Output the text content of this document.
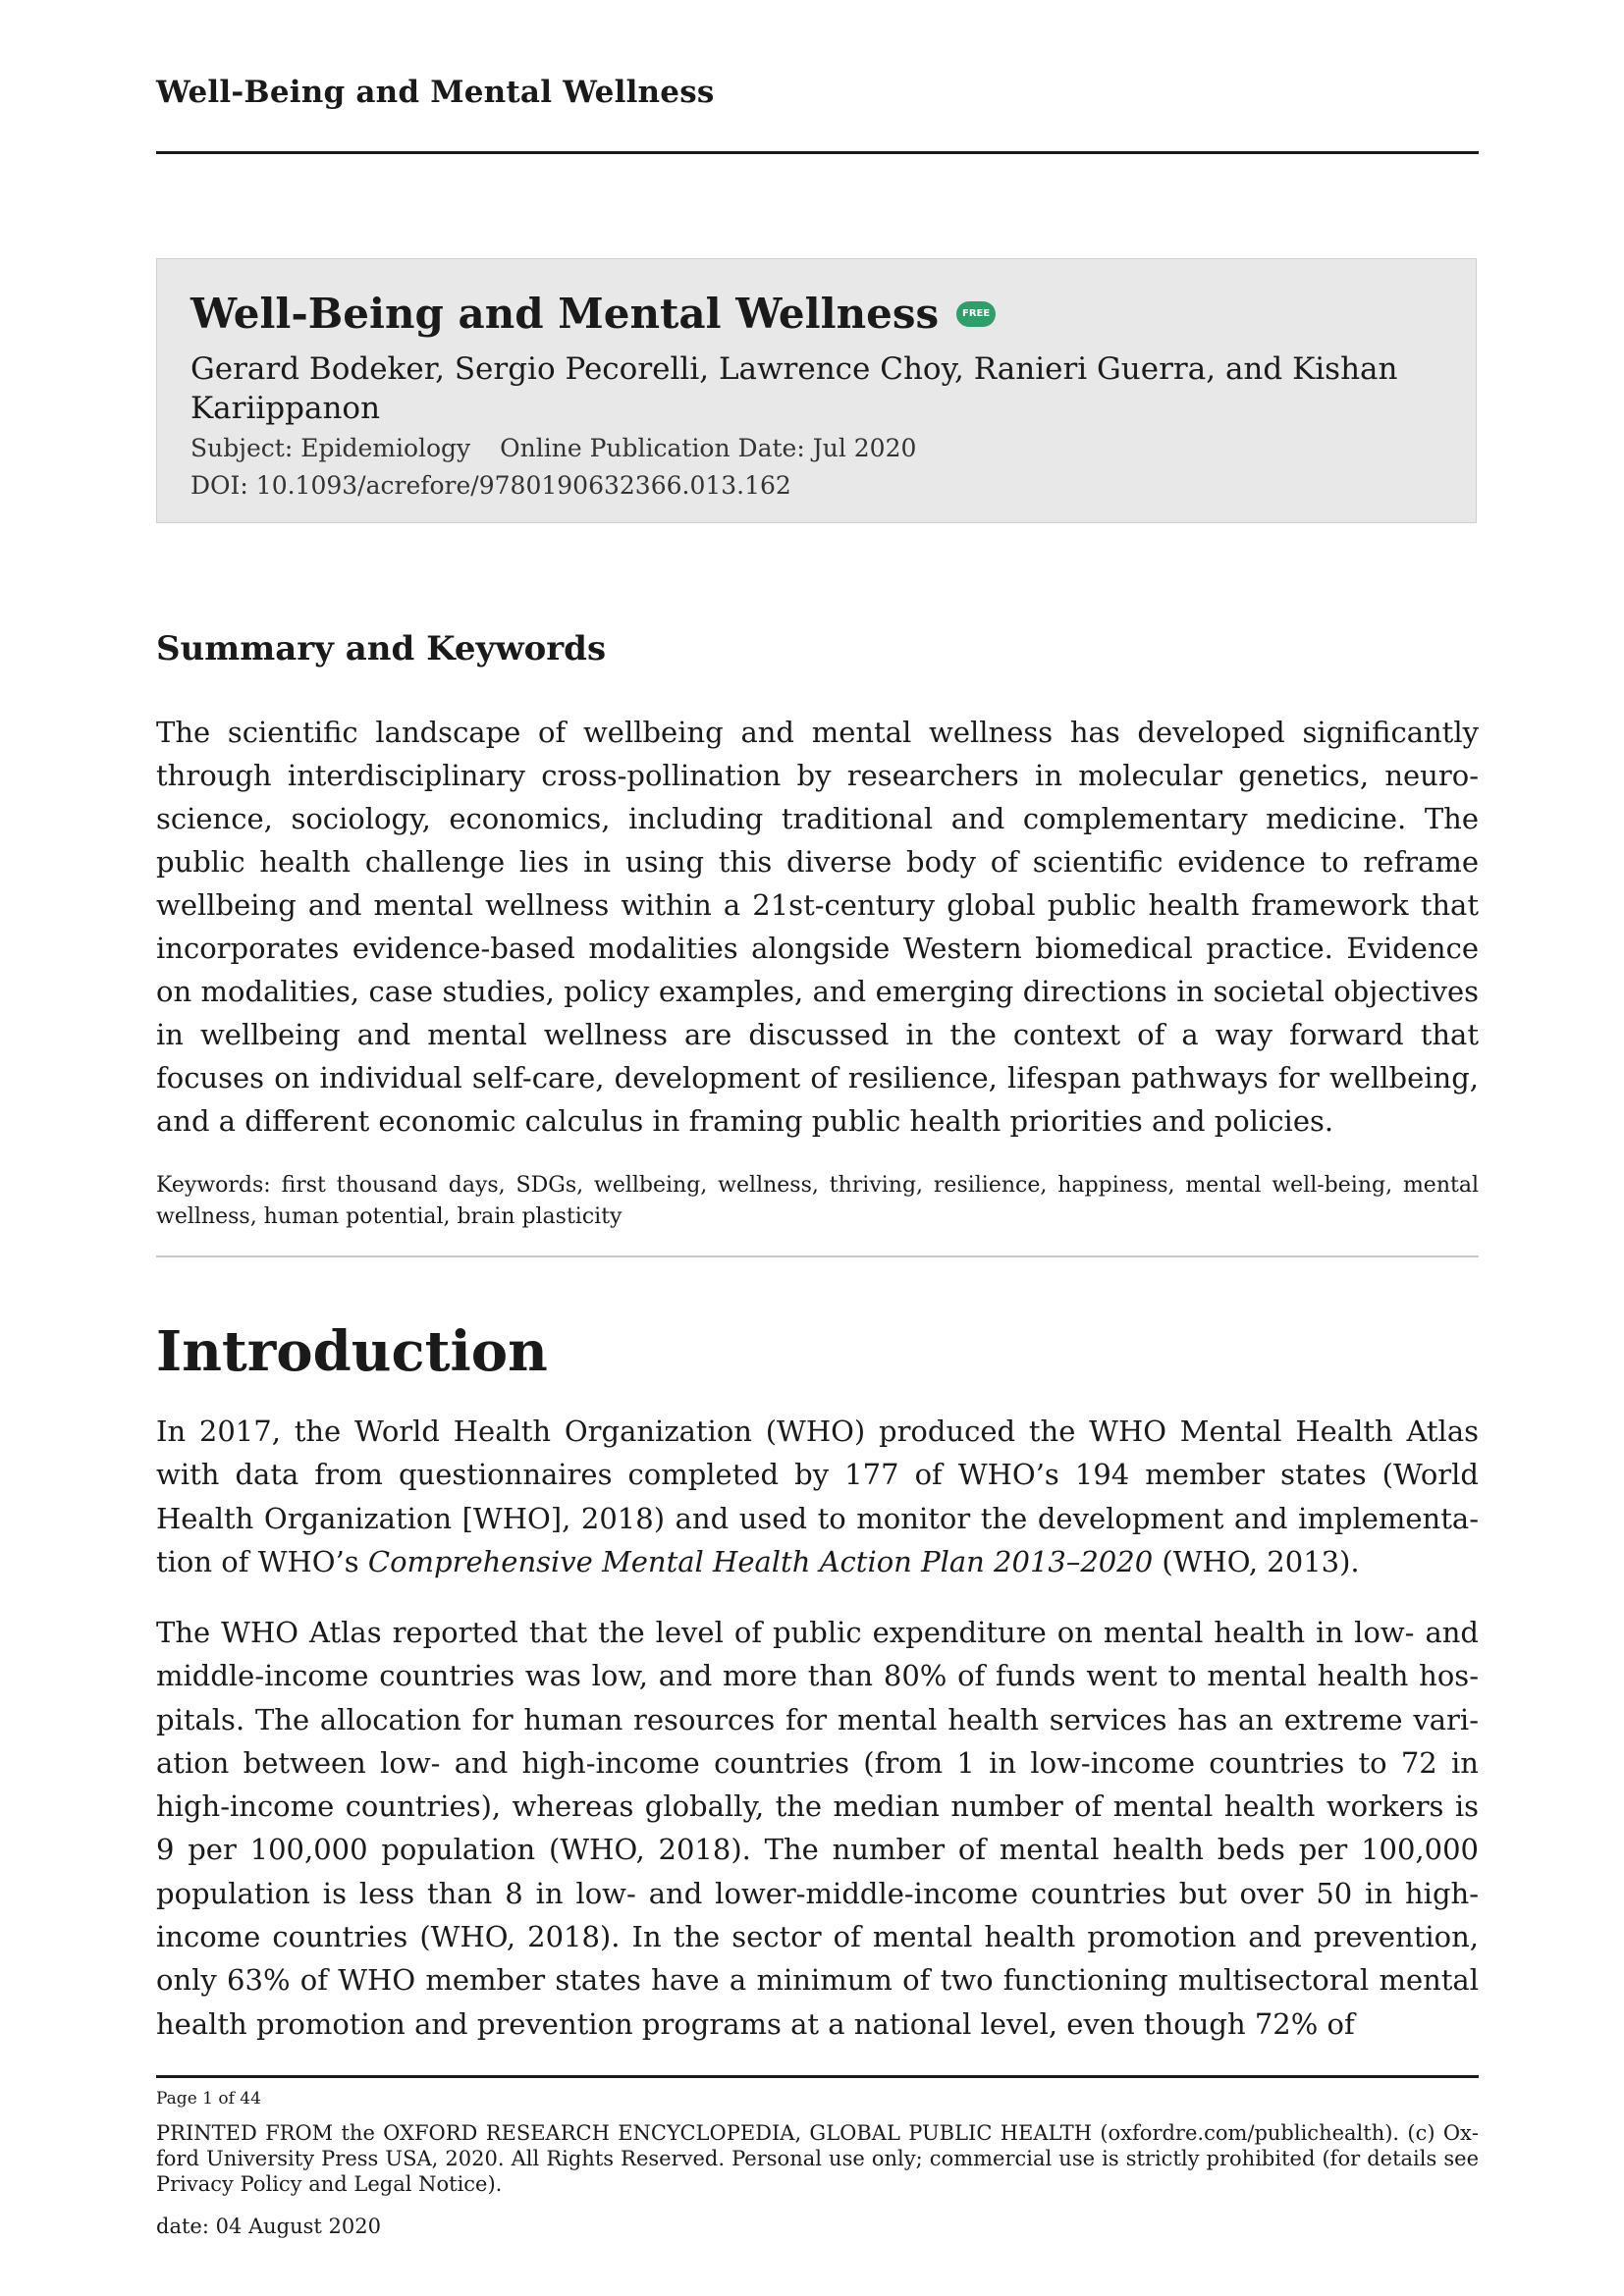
Well-Being and Mental Wellness
Well-Being and Mental Wellness	FREE
Gerard Bodeker, Sergio Pecorelli, Lawrence Choy, Ranieri Guerra, and Kishan Kariippanon
Subject: Epidemiology Online Publication Date: Jul 2020
DOI: 10.1093/acrefore/9780190632366.013.162
Summary and Keywords

The scientific landscape of wellbeing and mental wellness has developed significantly through interdisciplinary cross-pollination by researchers in molecular genetics, neuroscience, sociology, economics, including traditional and complementary medicine. The public health challenge lies in using this diverse body of scientific evidence to reframe wellbeing and mental wellness within a 21st-century global public health framework that incorporates evidence-based modalities alongside Western biomedical practice. Evidence on modalities, case studies, policy examples, and emerging directions in societal objectives in wellbeing and mental wellness are discussed in the context of a way forward that focuses on individual self-care, development of resilience, lifespan pathways for wellbeing, and a different economic calculus in framing public health priorities and policies.

Keywords: first thousand days, SDGs, wellbeing, wellness, thriving, resilience, happiness, mental well-being, mental wellness, human potential, brain plasticity

Introduction

In 2017, the World Health Organization (WHO) produced the WHO Mental Health Atlas with data from questionnaires completed by 177 of WHO’s 194 member states (World Health Organization [WHO], 2018) and used to monitor the development and implementation of WHO’s Comprehensive Mental Health Action Plan 2013–2020 (WHO, 2013).

The WHO Atlas reported that the level of public expenditure on mental health in low- and middle-income countries was low, and more than 80% of funds went to mental health hospitals. The allocation for human resources for mental health services has an extreme variation between low- and high-income countries (from 1 in low-income countries to 72 in high-income countries), whereas globally, the median number of mental health workers is 9 per 100,000 population (WHO, 2018). The number of mental health beds per 100,000 population is less than 8 in low- and lower-middle-income countries but over 50 in high-income countries (WHO, 2018). In the sector of mental health promotion and prevention, only 63% of WHO member states have a minimum of two functioning multisectoral mental health promotion and prevention programs at a national level, even though 72% of

Page 1 of 44

PRINTED FROM the OXFORD RESEARCH ENCYCLOPEDIA, GLOBAL PUBLIC HEALTH (oxfordre.com/publichealth). (c) Oxford University Press USA, 2020. All Rights Reserved. Personal use only; commercial use is strictly prohibited (for details see Privacy Policy and Legal Notice).

date: 04 August 2020
